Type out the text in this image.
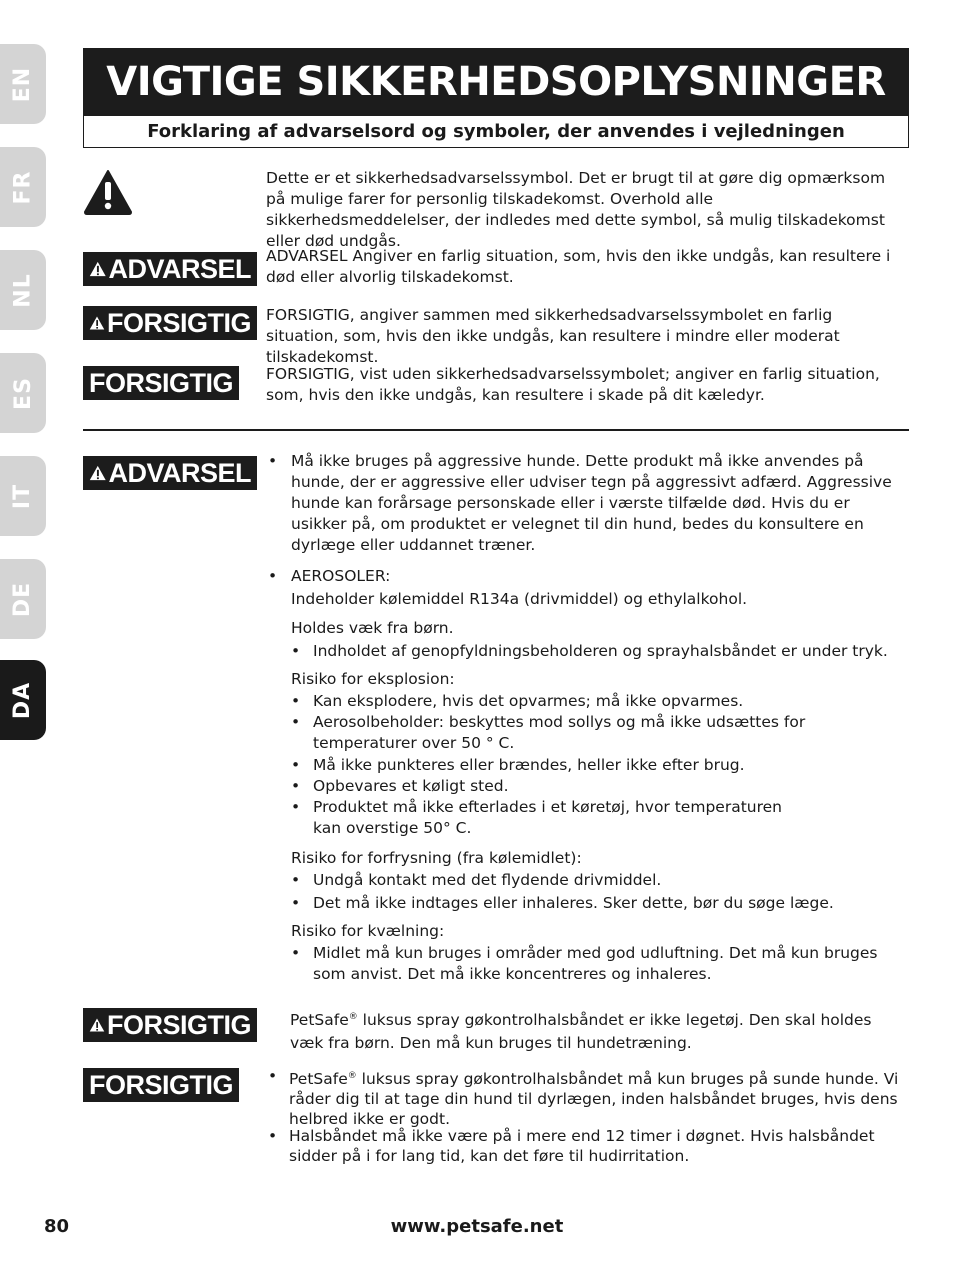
EN
FR
NL
ES
IT
DE
DA
VIGTIGE SIKKERHEDSOPLYSNINGER
Forklaring af advarselsord og symboler, der anvendes i vejledningen
Dette er et sikkerhedsadvarselssymbol. Det er brugt til at gøre dig opmærksom på mulige farer for personlig tilskadekomst. Overhold alle sikkerhedsmeddelelser, der indledes med dette symbol, så mulig tilskadekomst eller død undgås.
ADVARSEL ADVARSEL Angiver en farlig situation, som, hvis den ikke undgås, kan resultere i død eller alvorlig tilskadekomst.
FORSIGTIG FORSIGTIG, angiver sammen med sikkerhedsadvarselssymbolet en farlig situation, som, hvis den ikke undgås, kan resultere i mindre eller moderat tilskadekomst.
FORSIGTIG FORSIGTIG, vist uden sikkerhedsadvarselssymbolet; angiver en farlig situation, som, hvis den ikke undgås, kan resultere i skade på dit kæledyr.
ADVARSEL • Må ikke bruges på aggressive hunde. Dette produkt må ikke anvendes på hunde, der er aggressive eller udviser tegn på aggressivt adfærd. Aggressive hunde kan forårsage personskade eller i værste tilfælde død. Hvis du er usikker på, om produktet er velegnet til din hund, bedes du konsultere en dyrlæge eller uddannet træner.
• AEROSOLER:
Indeholder kølemiddel R134a (drivmiddel) og ethylalkohol.
Holdes væk fra børn.
• Indholdet af genopfyldningsbeholderen og sprayhalsbåndet er under tryk.
Risiko for eksplosion:
• Kan eksplodere, hvis det opvarmes; må ikke opvarmes.
• Aerosolbeholder: beskyttes mod sollys og må ikke udsættes for temperaturer over 50 ° C.
• Må ikke punkteres eller brændes, heller ikke efter brug.
• Opbevares et køligt sted.
• Produktet må ikke efterlades i et køretøj, hvor temperaturen kan overstige 50° C.
Risiko for forfrysning (fra kølemidlet):
• Undgå kontakt med det flydende drivmiddel.
• Det må ikke indtages eller inhaleres. Sker dette, bør du søge læge.
Risiko for kvælning:
• Midlet må kun bruges i områder med god udluftning. Det må kun bruges som anvist. Det må ikke koncentreres og inhaleres.
FORSIGTIG	PetSafe® luksus spray gøkontrolhalsbåndet er ikke legetøj. Den skal holdes væk fra børn. Den må kun bruges til hundetræning.
FORSIGTIG • PetSafe® luksus spray gøkontrolhalsbåndet må kun bruges på sunde hunde. Vi råder dig til at tage din hund til dyrlægen, inden halsbåndet bruges, hvis dens helbred ikke er godt.
• Halsbåndet må ikke være på i mere end 12 timer i døgnet. Hvis halsbåndet sidder på i for lang tid, kan det føre til hudirritation.
www.petsafe.net
80
